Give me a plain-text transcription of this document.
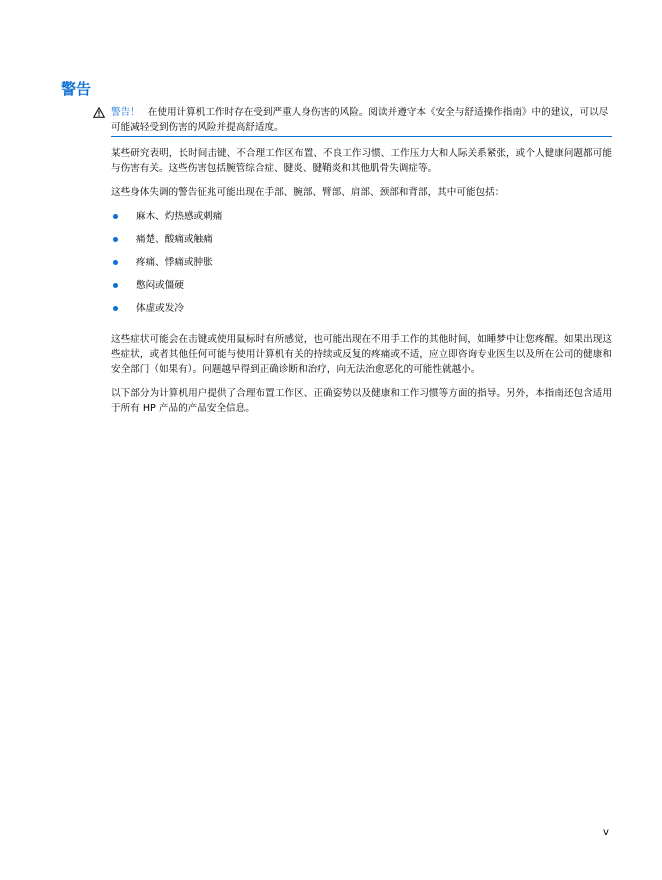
警告
警告！ 在使用计算机工作时存在受到严重人身伤害的风险。阅读并遵守本《安全与舒适操作指南》中的建议，可以尽可能减轻受到伤害的风险并提高舒适度。

某些研究表明，长时间击键、不合理工作区布置、不良工作习惯、工作压力大和人际关系紧张，或个人健康问题都可能与伤害有关。这些伤害包括腕管综合症、腱炎、腱鞘炎和其他肌骨失调症等。

这些身体失调的警告征兆可能出现在手部、腕部、臂部、肩部、颈部和背部，其中可能包括：

麻木、灼热感或刺痛
痛楚、酸痛或触痛
疼痛、悸痛或肿胀
憋闷或僵硬
体虚或发冷

这些症状可能会在击键或使用鼠标时有所感觉，也可能出现在不用手工作的其他时间，如睡梦中让您疼醒。如果出现这些症状，或者其他任何可能与使用计算机有关的持续或反复的疼痛或不适，应立即咨询专业医生以及所在公司的健康和安全部门（如果有）。问题越早得到正确诊断和治疗，向无法治愈恶化的可能性就越小。

以下部分为计算机用户提供了合理布置工作区、正确姿势以及健康和工作习惯等方面的指导。另外，本指南还包含适用于所有 HP 产品的产品安全信息。

v
